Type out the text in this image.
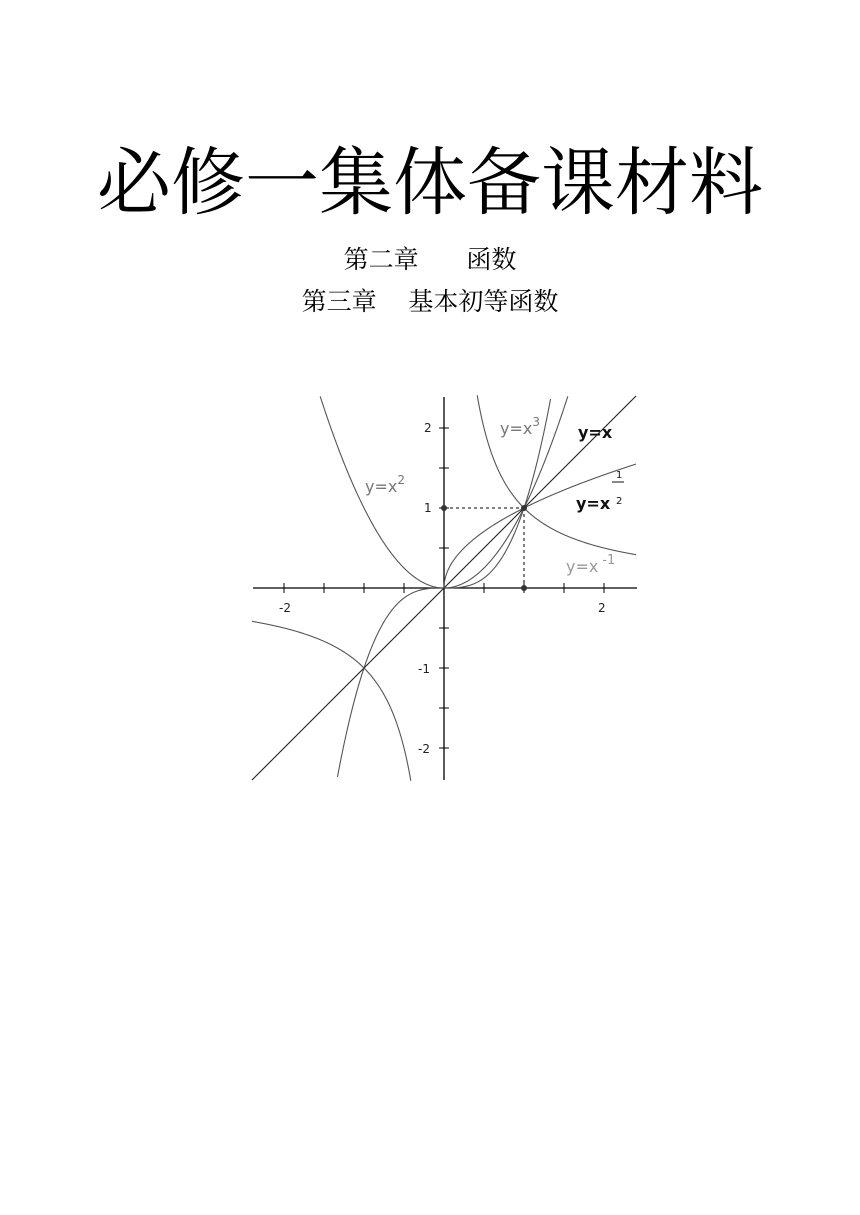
必修一集体备课材料
第二章      函数
第三章    基本初等函数
-2	2
2
1
-1
-2
$y=x^2$
$y=x^3$
y=x
y=x
1
2
y=x $^{-1}$
